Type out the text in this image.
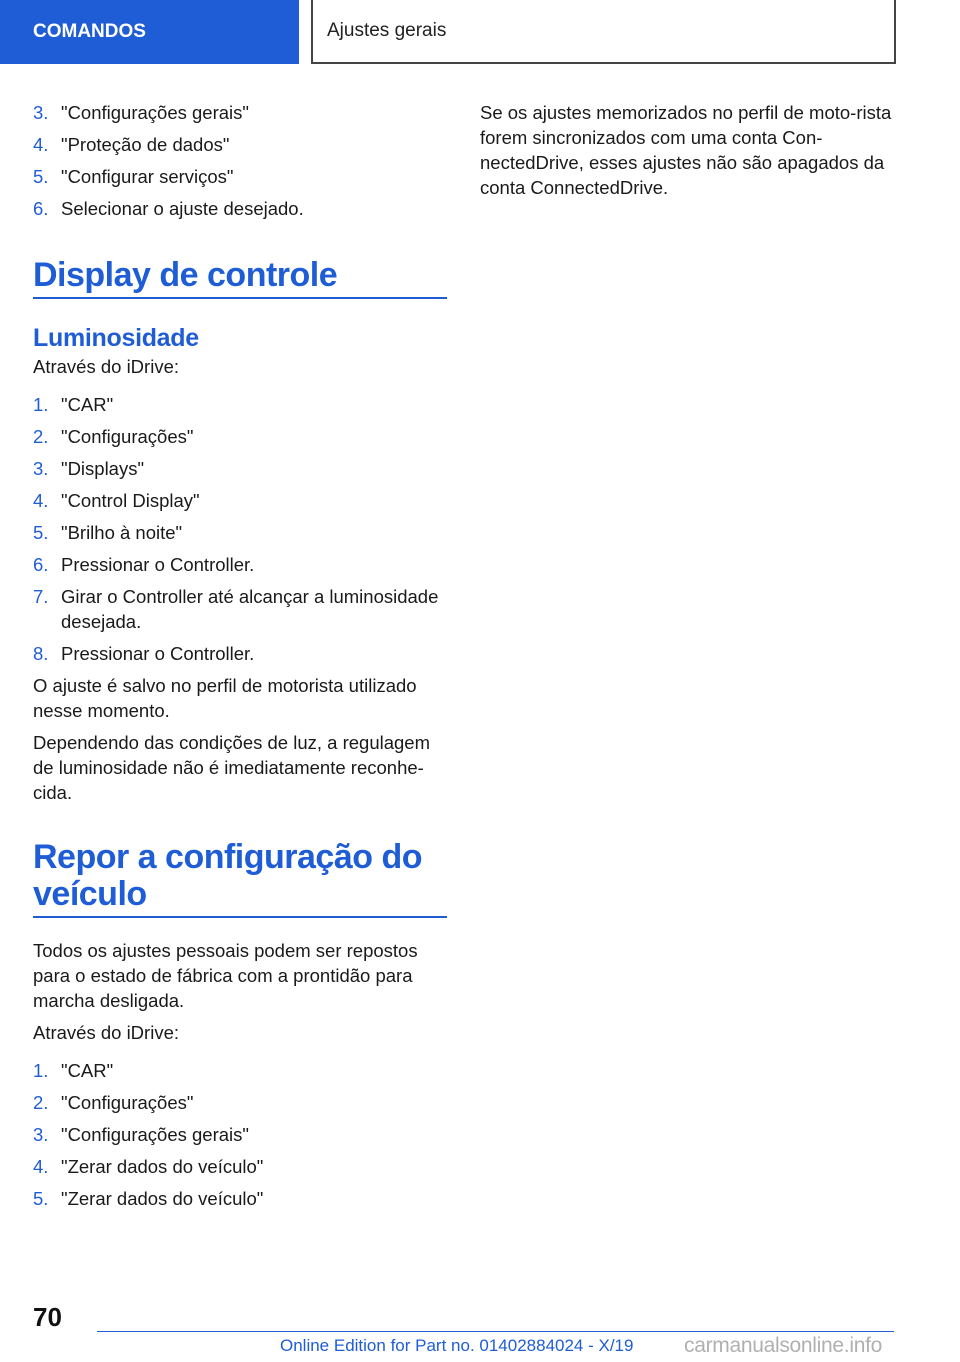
COMANDOS	Ajustes gerais
3. "Configurações gerais"
4. "Proteção de dados"
5. "Configurar serviços"
6. Selecionar o ajuste desejado.
Display de controle
Luminosidade

Através do iDrive:

1. "CAR"
2. "Configurações"
3. "Displays"
4. "Control Display"
5. "Brilho à noite"
6. Pressionar o Controller.
7. Girar o Controller até alcançar a luminosidade desejada.
8. Pressionar o Controller.

O ajuste é salvo no perfil de motorista utilizado nesse momento.

Dependendo das condições de luz, a regulagem de luminosidade não é imediatamente reconhe-cida.

Repor a configuração do veículo

Todos os ajustes pessoais podem ser repostos para o estado de fábrica com a prontidão para marcha desligada.

Através do iDrive:

1. "CAR"
2. "Configurações"
3. "Configurações gerais"
4. "Zerar dados do veículo"
5. "Zerar dados do veículo"

Se os ajustes memorizados no perfil de moto-rista forem sincronizados com uma conta Con-nectedDrive, esses ajustes não são apagados da conta ConnectedDrive.

70
Online Edition for Part no. 01402884024 - X/19 carmanualsonline.info
